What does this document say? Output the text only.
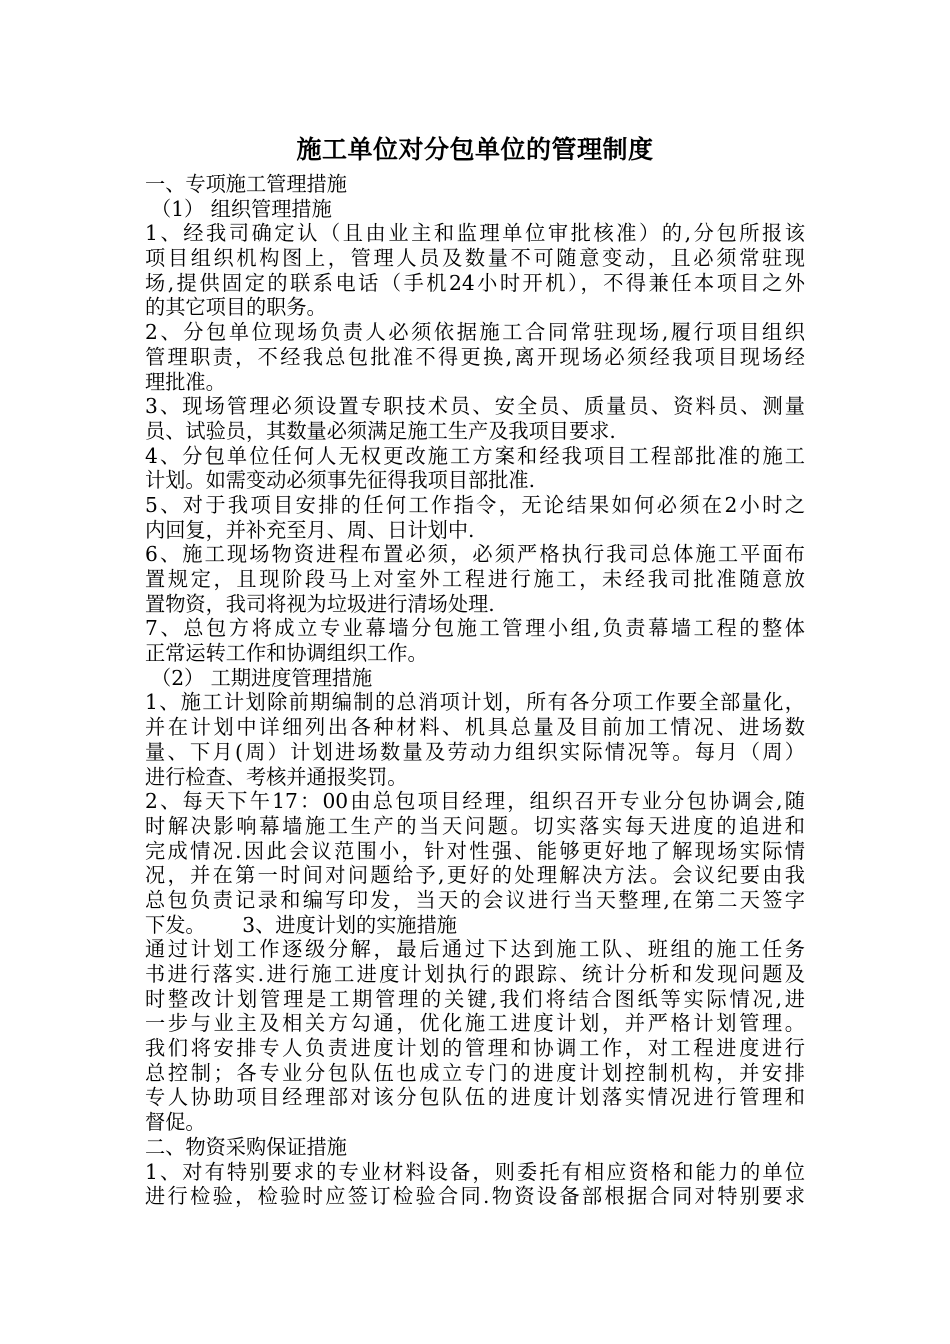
施工单位对分包单位的管理制度
一、专项施工管理措施
（1） 组织管理措施
1、经我司确定认（且由业主和监理单位审批核准）的,分包所报该
项目组织机构图上，管理人员及数量不可随意变动，且必须常驻现
场,提供固定的联系电话（手机24小时开机），不得兼任本项目之外
的其它项目的职务。
2、分包单位现场负责人必须依据施工合同常驻现场,履行项目组织
管理职责，不经我总包批准不得更换,离开现场必须经我项目现场经
理批准。
3、现场管理必须设置专职技术员、安全员、质量员、资料员、测量
员、试验员，其数量必须满足施工生产及我项目要求.
4、分包单位任何人无权更改施工方案和经我项目工程部批准的施工
计划。如需变动必须事先征得我项目部批准.
5、对于我项目安排的任何工作指令，无论结果如何必须在2小时之
内回复，并补充至月、周、日计划中.
6、施工现场物资进程布置必须，必须严格执行我司总体施工平面布
置规定，且现阶段马上对室外工程进行施工，未经我司批准随意放
置物资，我司将视为垃圾进行清场处理.
7、总包方将成立专业幕墙分包施工管理小组,负责幕墙工程的整体
正常运转工作和协调组织工作。
（2） 工期进度管理措施
1、施工计划除前期编制的总消项计划，所有各分项工作要全部量化，
并在计划中详细列出各种材料、机具总量及目前加工情况、进场数
量、下月(周）计划进场数量及劳动力组织实际情况等。每月（周）
进行检查、考核并通报奖罚。
2、每天下午17：00由总包项目经理，组织召开专业分包协调会,随
时解决影响幕墙施工生产的当天问题。切实落实每天进度的追进和
完成情况.因此会议范围小，针对性强、能够更好地了解现场实际情
况，并在第一时间对问题给予,更好的处理解决方法。会议纪要由我
总包负责记录和编写印发，当天的会议进行当天整理,在第二天签字
下发。　　 3、进度计划的实施措施
通过计划工作逐级分解，最后通过下达到施工队、班组的施工任务
书进行落实.进行施工进度计划执行的跟踪、统计分析和发现问题及
时整改计划管理是工期管理的关键,我们将结合图纸等实际情况,进
一步与业主及相关方勾通，优化施工进度计划，并严格计划管理。
我们将安排专人负责进度计划的管理和协调工作，对工程进度进行
总控制；各专业分包队伍也成立专门的进度计划控制机构，并安排
专人协助项目经理部对该分包队伍的进度计划落实情况进行管理和
督促。
二、物资采购保证措施
1、对有特别要求的专业材料设备，则委托有相应资格和能力的单位
进行检验，检验时应签订检验合同.物资设备部根据合同对特别要求
